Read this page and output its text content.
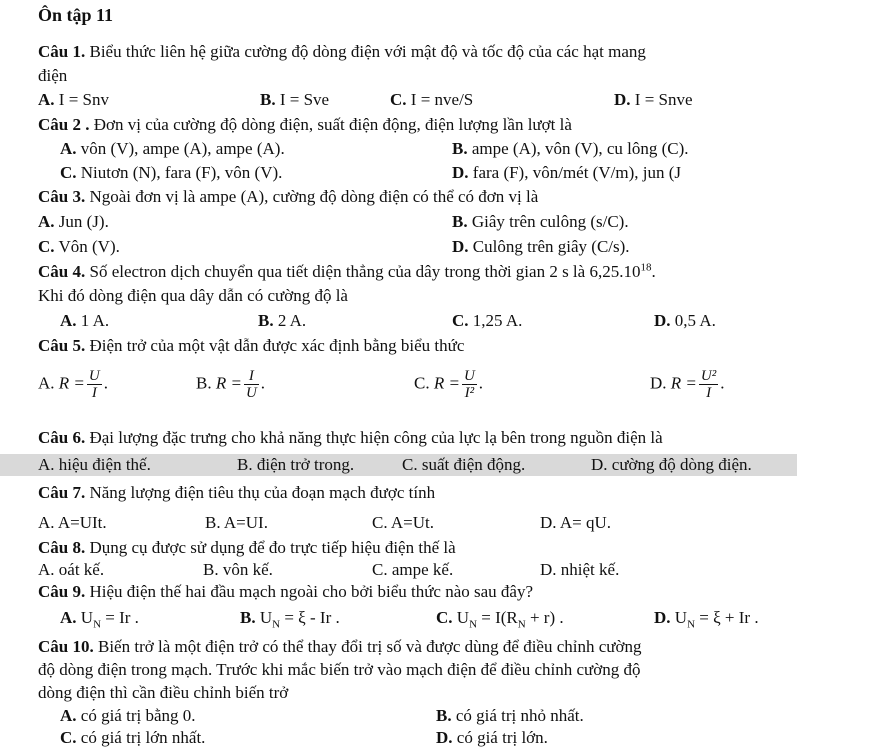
Ôn tập 11
Câu 1. Biểu thức liên hệ giữa cường độ dòng điện với mật độ và tốc độ của các hạt mang
điện
A. I = Snv	B. I = Sve	C. I = nve/S	D. I = Snve
Câu 2 . Đơn vị của cường độ dòng điện, suất điện động, điện lượng lần lượt là
A. vôn (V), ampe (A), ampe (A).	B. ampe (A), vôn (V), cu lông (C).
C. Niutơn (N), fara (F), vôn (V).	D. fara (F), vôn/mét (V/m), jun (J
Câu 3. Ngoài đơn vị là ampe (A), cường độ dòng điện có thể có đơn vị là
A. Jun (J).	B. Giây trên culông (s/C).
C. Vôn (V).	D. Culông trên giây (C/s).
Câu 4. Số electron dịch chuyển qua tiết diện thẳng của dây trong thời gian 2 s là 6,25.10$^{18}$.
Khi đó dòng điện qua dây dẫn có cường độ là
A. 1 A.	B. 2 A.	C. 1,25 A.	D. 0,5 A.
Câu 5. Điện trở của một vật dẫn được xác định bằng biểu thức
A. $R = \frac{U}{I}$ .	B. $R = \frac{I}{U}$ .	C. $R = \frac{U}{\text{I²}}$ .	D. $R = \frac{\text{U²}}{I}$ .
Câu 6. Đại lượng đặc trưng cho khả năng thực hiện công của lực lạ bên trong nguồn điện là
A. hiệu điện thế.	B. điện trở trong.	C. suất điện động.	D. cường độ dòng điện.
Câu 7. Năng lượng điện tiêu thụ của đoạn mạch được tính
A. A=UIt.	B. A=UI.	C. A=Ut.	D. A= qU.
Câu 8. Dụng cụ được sử dụng để đo trực tiếp hiệu điện thế là
A. oát kế.	B. vôn kế.	C. ampe kế.	D. nhiệt kế.
Câu 9. Hiệu điện thế hai đầu mạch ngoài cho bởi biểu thức nào sau đây?
A. $U_N = Ir$ .	B. $U_N = \xi - Ir$ .	C. $U_N = I(R_N + r)$ .	D. $U_N = \xi + Ir$ .
Câu 10. Biến trở là một điện trở có thể thay đổi trị số và được dùng để điều chỉnh cường
độ dòng điện trong mạch. Trước khi mắc biến trở vào mạch điện để điều chỉnh cường độ
dòng điện thì cần điều chỉnh biến trở
A. có giá trị bằng 0.	B. có giá trị nhỏ nhất.
C. có giá trị lớn nhất.	D. có giá trị lớn.
